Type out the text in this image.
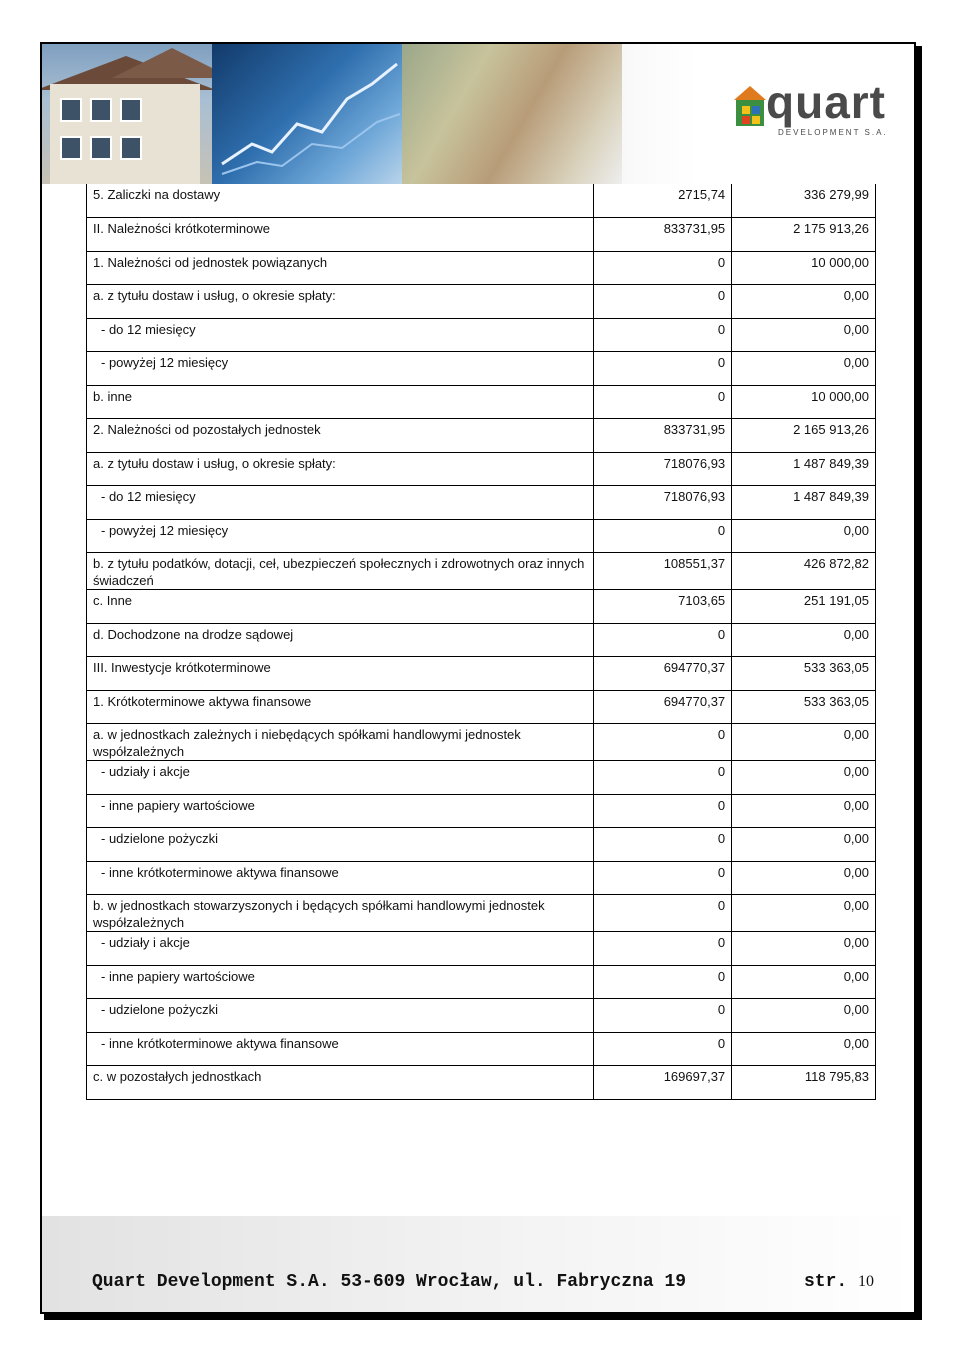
quart
DEVELOPMENT S.A.
5. Zaliczki na dostawy	2715,74	336 279,99
II. Należności krótkoterminowe	833731,95	2 175 913,26
1. Należności od jednostek powiązanych	0	10 000,00
a. z tytułu dostaw i usług, o okresie spłaty:	0	0,00
- do 12 miesięcy	0	0,00
- powyżej 12 miesięcy	0	0,00
b. inne	0	10 000,00
2. Należności od pozostałych jednostek	833731,95	2 165 913,26
a. z tytułu dostaw i usług, o okresie spłaty:	718076,93	1 487 849,39
- do 12 miesięcy	718076,93	1 487 849,39
- powyżej 12 miesięcy	0	0,00
b. z tytułu podatków, dotacji, ceł, ubezpieczeń społecznych i zdrowotnych oraz innych świadczeń	108551,37	426 872,82
c. Inne	7103,65	251 191,05
d. Dochodzone na drodze sądowej	0	0,00
III. Inwestycje krótkoterminowe	694770,37	533 363,05
1. Krótkoterminowe aktywa finansowe	694770,37	533 363,05
a. w jednostkach zależnych i niebędących spółkami handlowymi jednostek współzależnych	0	0,00
- udziały i akcje	0	0,00
- inne papiery wartościowe	0	0,00
- udzielone pożyczki	0	0,00
- inne krótkoterminowe aktywa finansowe	0	0,00
b. w jednostkach stowarzyszonych i będących spółkami handlowymi jednostek współzależnych	0	0,00
- udziały i akcje	0	0,00
- inne papiery wartościowe	0	0,00
- udzielone pożyczki	0	0,00
- inne krótkoterminowe aktywa finansowe	0	0,00
c. w pozostałych jednostkach	169697,37	118 795,83
Quart Development S.A. 53-609 Wrocław, ul. Fabryczna 19	str. 10
